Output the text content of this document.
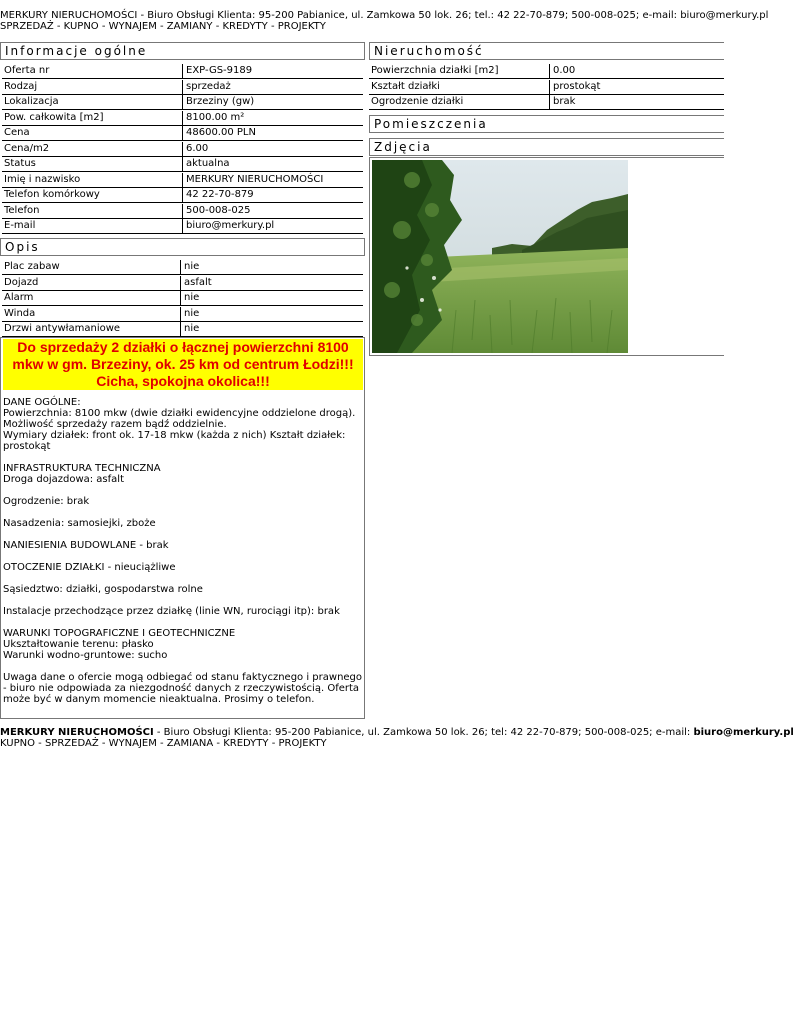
MERKURY NIERUCHOMOŚCI - Biuro Obsługi Klienta: 95-200 Pabianice, ul. Zamkowa 50 lok. 26; tel.: 42 22-70-879; 500-008-025; e-mail: biuro@merkury.pl
SPRZEDAŻ - KUPNO - WYNAJEM - ZAMIANY - KREDYTY - PROJEKTY
Informacje ogólne
Oferta nr	EXP-GS-9189
Rodzaj	sprzedaż
Lokalizacja	Brzeziny (gw)
Pow. całkowita [m2]	8100.00 m²
Cena	48600.00 PLN
Cena/m2	6.00
Status	aktualna
Imię i nazwisko	MERKURY NIERUCHOMOŚCI
Telefon komórkowy	42 22-70-879
Telefon	500-008-025
E-mail	biuro@merkury.pl
Opis
Plac zabaw	nie
Dojazd	asfalt
Alarm	nie
Winda	nie
Drzwi antywłamaniowe	nie
Do sprzedaży 2 działki o łącznej powierzchni 8100 mkw w gm. Brzeziny, ok. 25 km od centrum Łodzi!!! Cicha, spokojna okolica!!!

DANE OGÓLNE:
Powierzchnia: 8100 mkw (dwie działki ewidencyjne oddzielone drogą).
Możliwość sprzedaży razem bądź oddzielnie.
Wymiary działek: front ok. 17-18 mkw (każda z nich) Kształt działek: prostokąt

INFRASTRUKTURA TECHNICZNA
Droga dojazdowa: asfalt

Ogrodzenie: brak

Nasadzenia: samosiejki, zboże

NANIESIENIA BUDOWLANE - brak

OTOCZENIE DZIAŁKI - nieuciążliwe

Sąsiedztwo: działki, gospodarstwa rolne

Instalacje przechodzące przez działkę (linie WN, rurociągi itp): brak

WARUNKI TOPOGRAFICZNE I GEOTECHNICZNE
Ukształtowanie terenu: płasko
Warunki wodno-gruntowe: sucho

Uwaga dane o ofercie mogą odbiegać od stanu faktycznego i prawnego - biuro nie odpowiada za niezgodność danych z rzeczywistością. Oferta może być w danym momencie nieaktualna. Prosimy o telefon.

Nieruchomość
Powierzchnia działki [m2]	0.00
Kształt działki	prostokąt
Ogrodzenie działki	brak
Pomieszczenia
Zdjęcia
MERKURY NIERUCHOMOŚCI - Biuro Obsługi Klienta: 95-200 Pabianice, ul. Zamkowa 50 lok. 26; tel: 42 22-70-879; 500-008-025; e-mail: biuro@merkury.pl
KUPNO - SPRZEDAŻ - WYNAJEM - ZAMIANA - KREDYTY - PROJEKTY
